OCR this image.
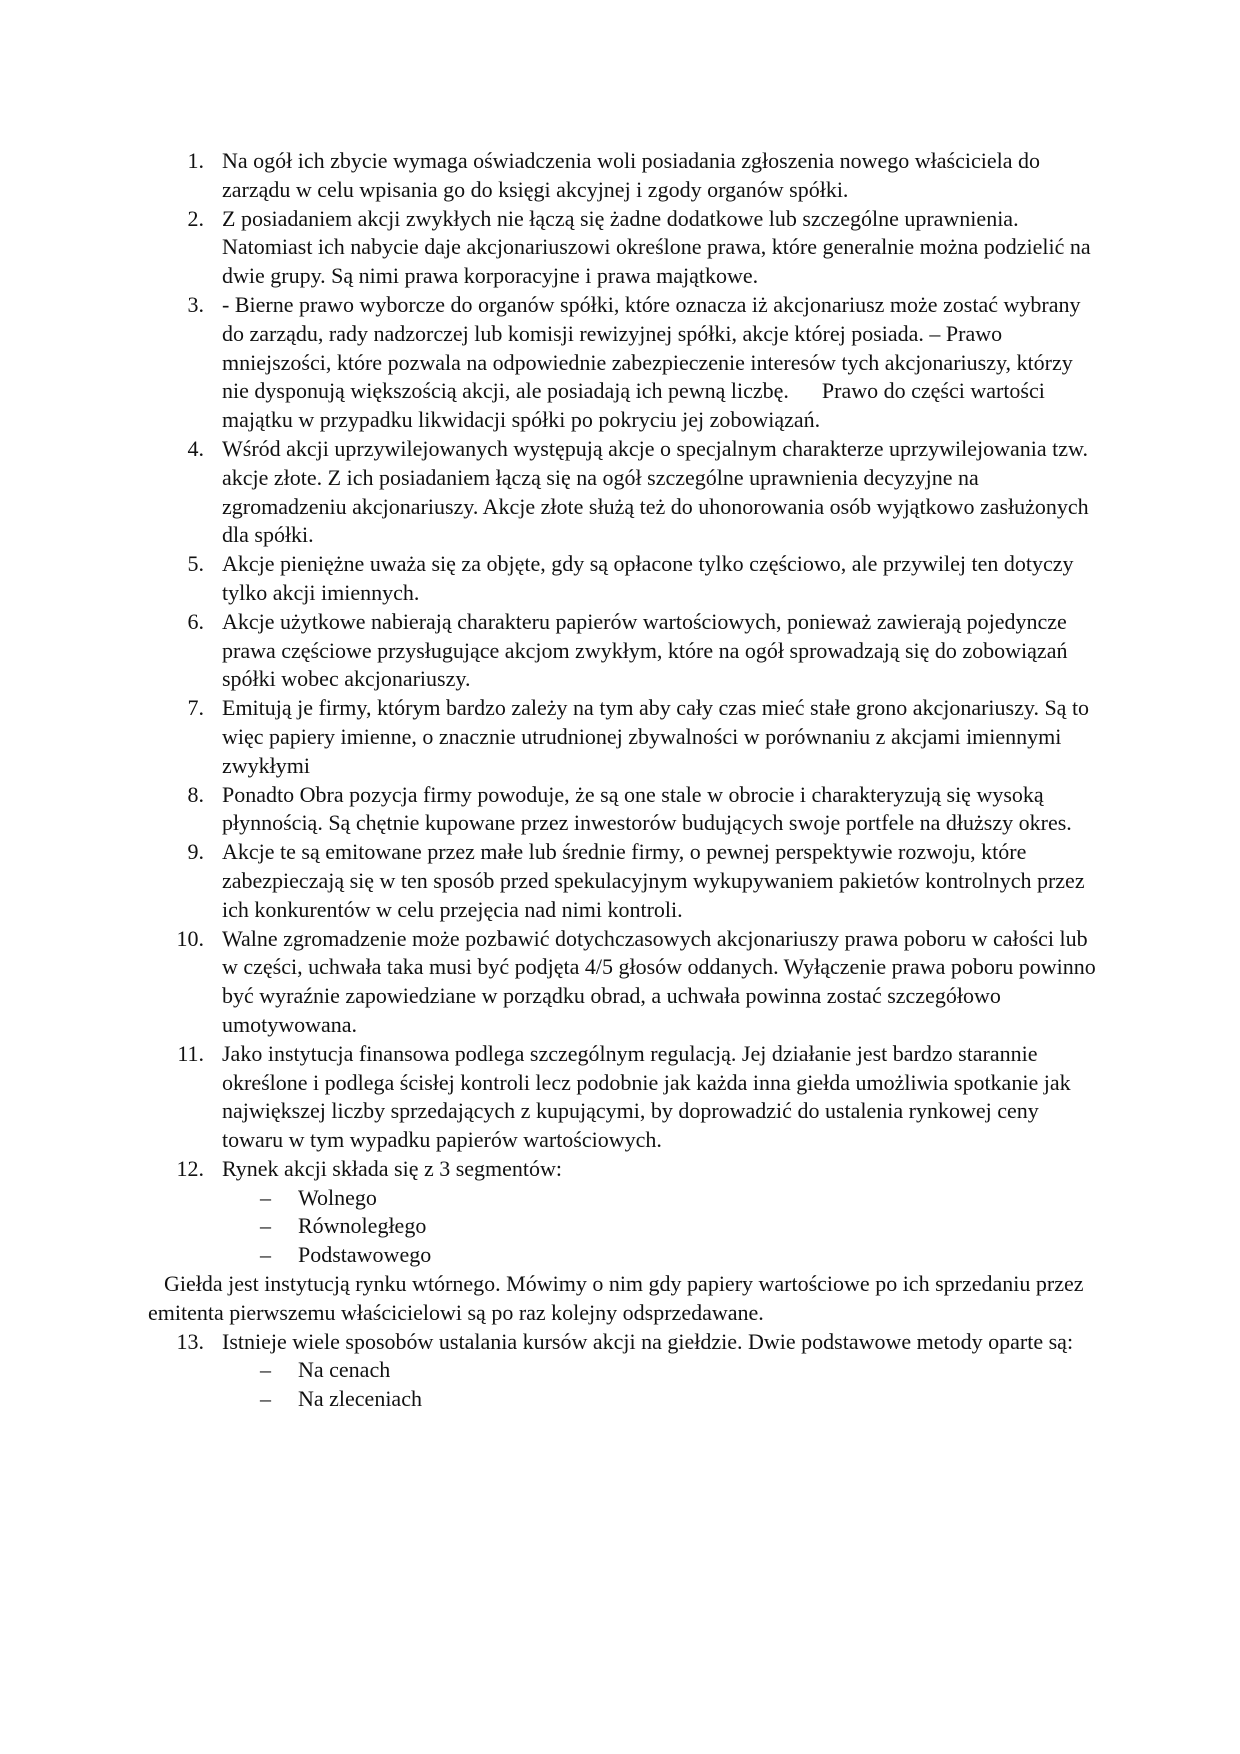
1. Na ogół ich zbycie wymaga oświadczenia woli posiadania zgłoszenia nowego właściciela do zarządu w celu wpisania go do księgi akcyjnej i zgody organów spółki.
2. Z posiadaniem akcji zwykłych nie łączą się żadne dodatkowe lub szczególne uprawnienia. Natomiast ich nabycie daje akcjonariuszowi określone prawa, które generalnie można podzielić na dwie grupy. Są nimi prawa korporacyjne i prawa majątkowe.
3. - Bierne prawo wyborcze do organów spółki, które oznacza iż akcjonariusz może zostać wybrany do zarządu, rady nadzorczej lub komisji rewizyjnej spółki, akcje której posiada. – Prawo mniejszości, które pozwala na odpowiednie zabezpieczenie interesów tych akcjonariuszy, którzy nie dysponują większością akcji, ale posiadają ich pewną liczbę.      Prawo do części wartości majątku w przypadku likwidacji spółki po pokryciu jej zobowiązań.
4. Wśród akcji uprzywilejowanych występują akcje o specjalnym charakterze uprzywilejowania tzw. akcje złote. Z ich posiadaniem łączą się na ogół szczególne uprawnienia decyzyjne na zgromadzeniu akcjonariuszy. Akcje złote służą też do uhonorowania osób wyjątkowo zasłużonych dla spółki.
5. Akcje pieniężne uważa się za objęte, gdy są opłacone tylko częściowo, ale przywilej ten dotyczy tylko akcji imiennych.
6. Akcje użytkowe nabierają charakteru papierów wartościowych, ponieważ zawierają pojedyncze prawa częściowe przysługujące akcjom zwykłym, które na ogół sprowadzają się do zobowiązań spółki wobec akcjonariuszy.
7. Emitują je firmy, którym bardzo zależy na tym aby cały czas mieć stałe grono akcjonariuszy. Są to więc papiery imienne, o znacznie utrudnionej zbywalności w porównaniu z akcjami imiennymi zwykłymi
8. Ponadto Obra pozycja firmy powoduje, że są one stale w obrocie i charakteryzują się wysoką płynnością. Są chętnie kupowane przez inwestorów budujących swoje portfele na dłuższy okres.
9. Akcje te są emitowane przez małe lub średnie firmy, o pewnej perspektywie rozwoju, które zabezpieczają się w ten sposób przed spekulacyjnym wykupywaniem pakietów kontrolnych przez ich konkurentów w celu przejęcia nad nimi kontroli.
10. Walne zgromadzenie może pozbawić dotychczasowych akcjonariuszy prawa poboru w całości lub w części, uchwała taka musi być podjęta 4/5 głosów oddanych. Wyłączenie prawa poboru powinno być wyraźnie zapowiedziane w porządku obrad, a uchwała powinna zostać szczegółowo umotywowana.
11. Jako instytucja finansowa podlega szczególnym regulacją. Jej działanie jest bardzo starannie określone i podlega ścisłej kontroli lecz podobnie jak każda inna giełda umożliwia spotkanie jak największej liczby sprzedających z kupującymi, by doprowadzić do ustalenia rynkowej ceny towaru w tym wypadku papierów wartościowych.
12. Rynek akcji składa się z 3 segmentów:
– Wolnego
– Równoległego
– Podstawowego

Giełda jest instytucją rynku wtórnego. Mówimy o nim gdy papiery wartościowe po ich sprzedaniu przez emitenta pierwszemu właścicielowi są po raz kolejny odsprzedawane.

13. Istnieje wiele sposobów ustalania kursów akcji na giełdzie. Dwie podstawowe metody oparte są:
– Na cenach
– Na zleceniach
